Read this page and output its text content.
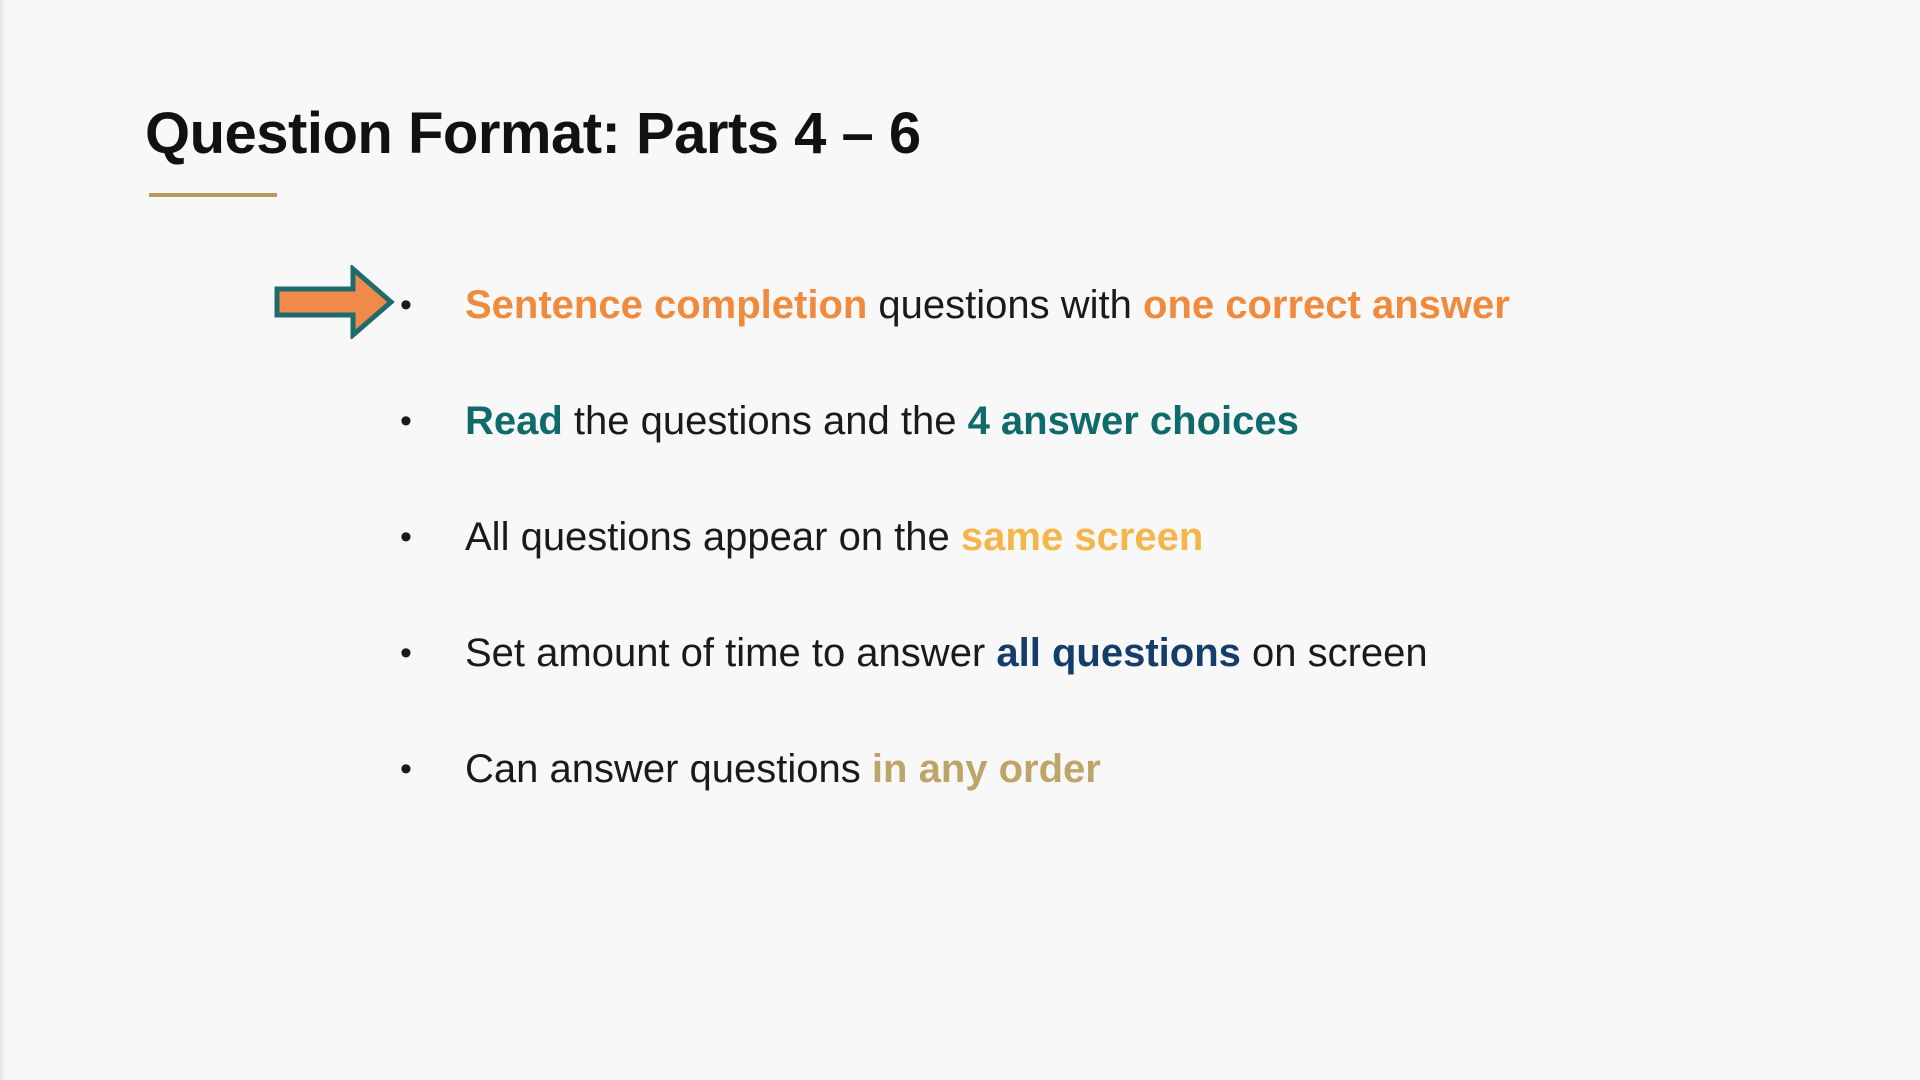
Question Format: Parts 4 – 6
•	Sentence completion questions with one correct answer
•	Read the questions and the 4 answer choices
•	All questions appear on the same screen
•	Set amount of time to answer all questions on screen
•	Can answer questions in any order
